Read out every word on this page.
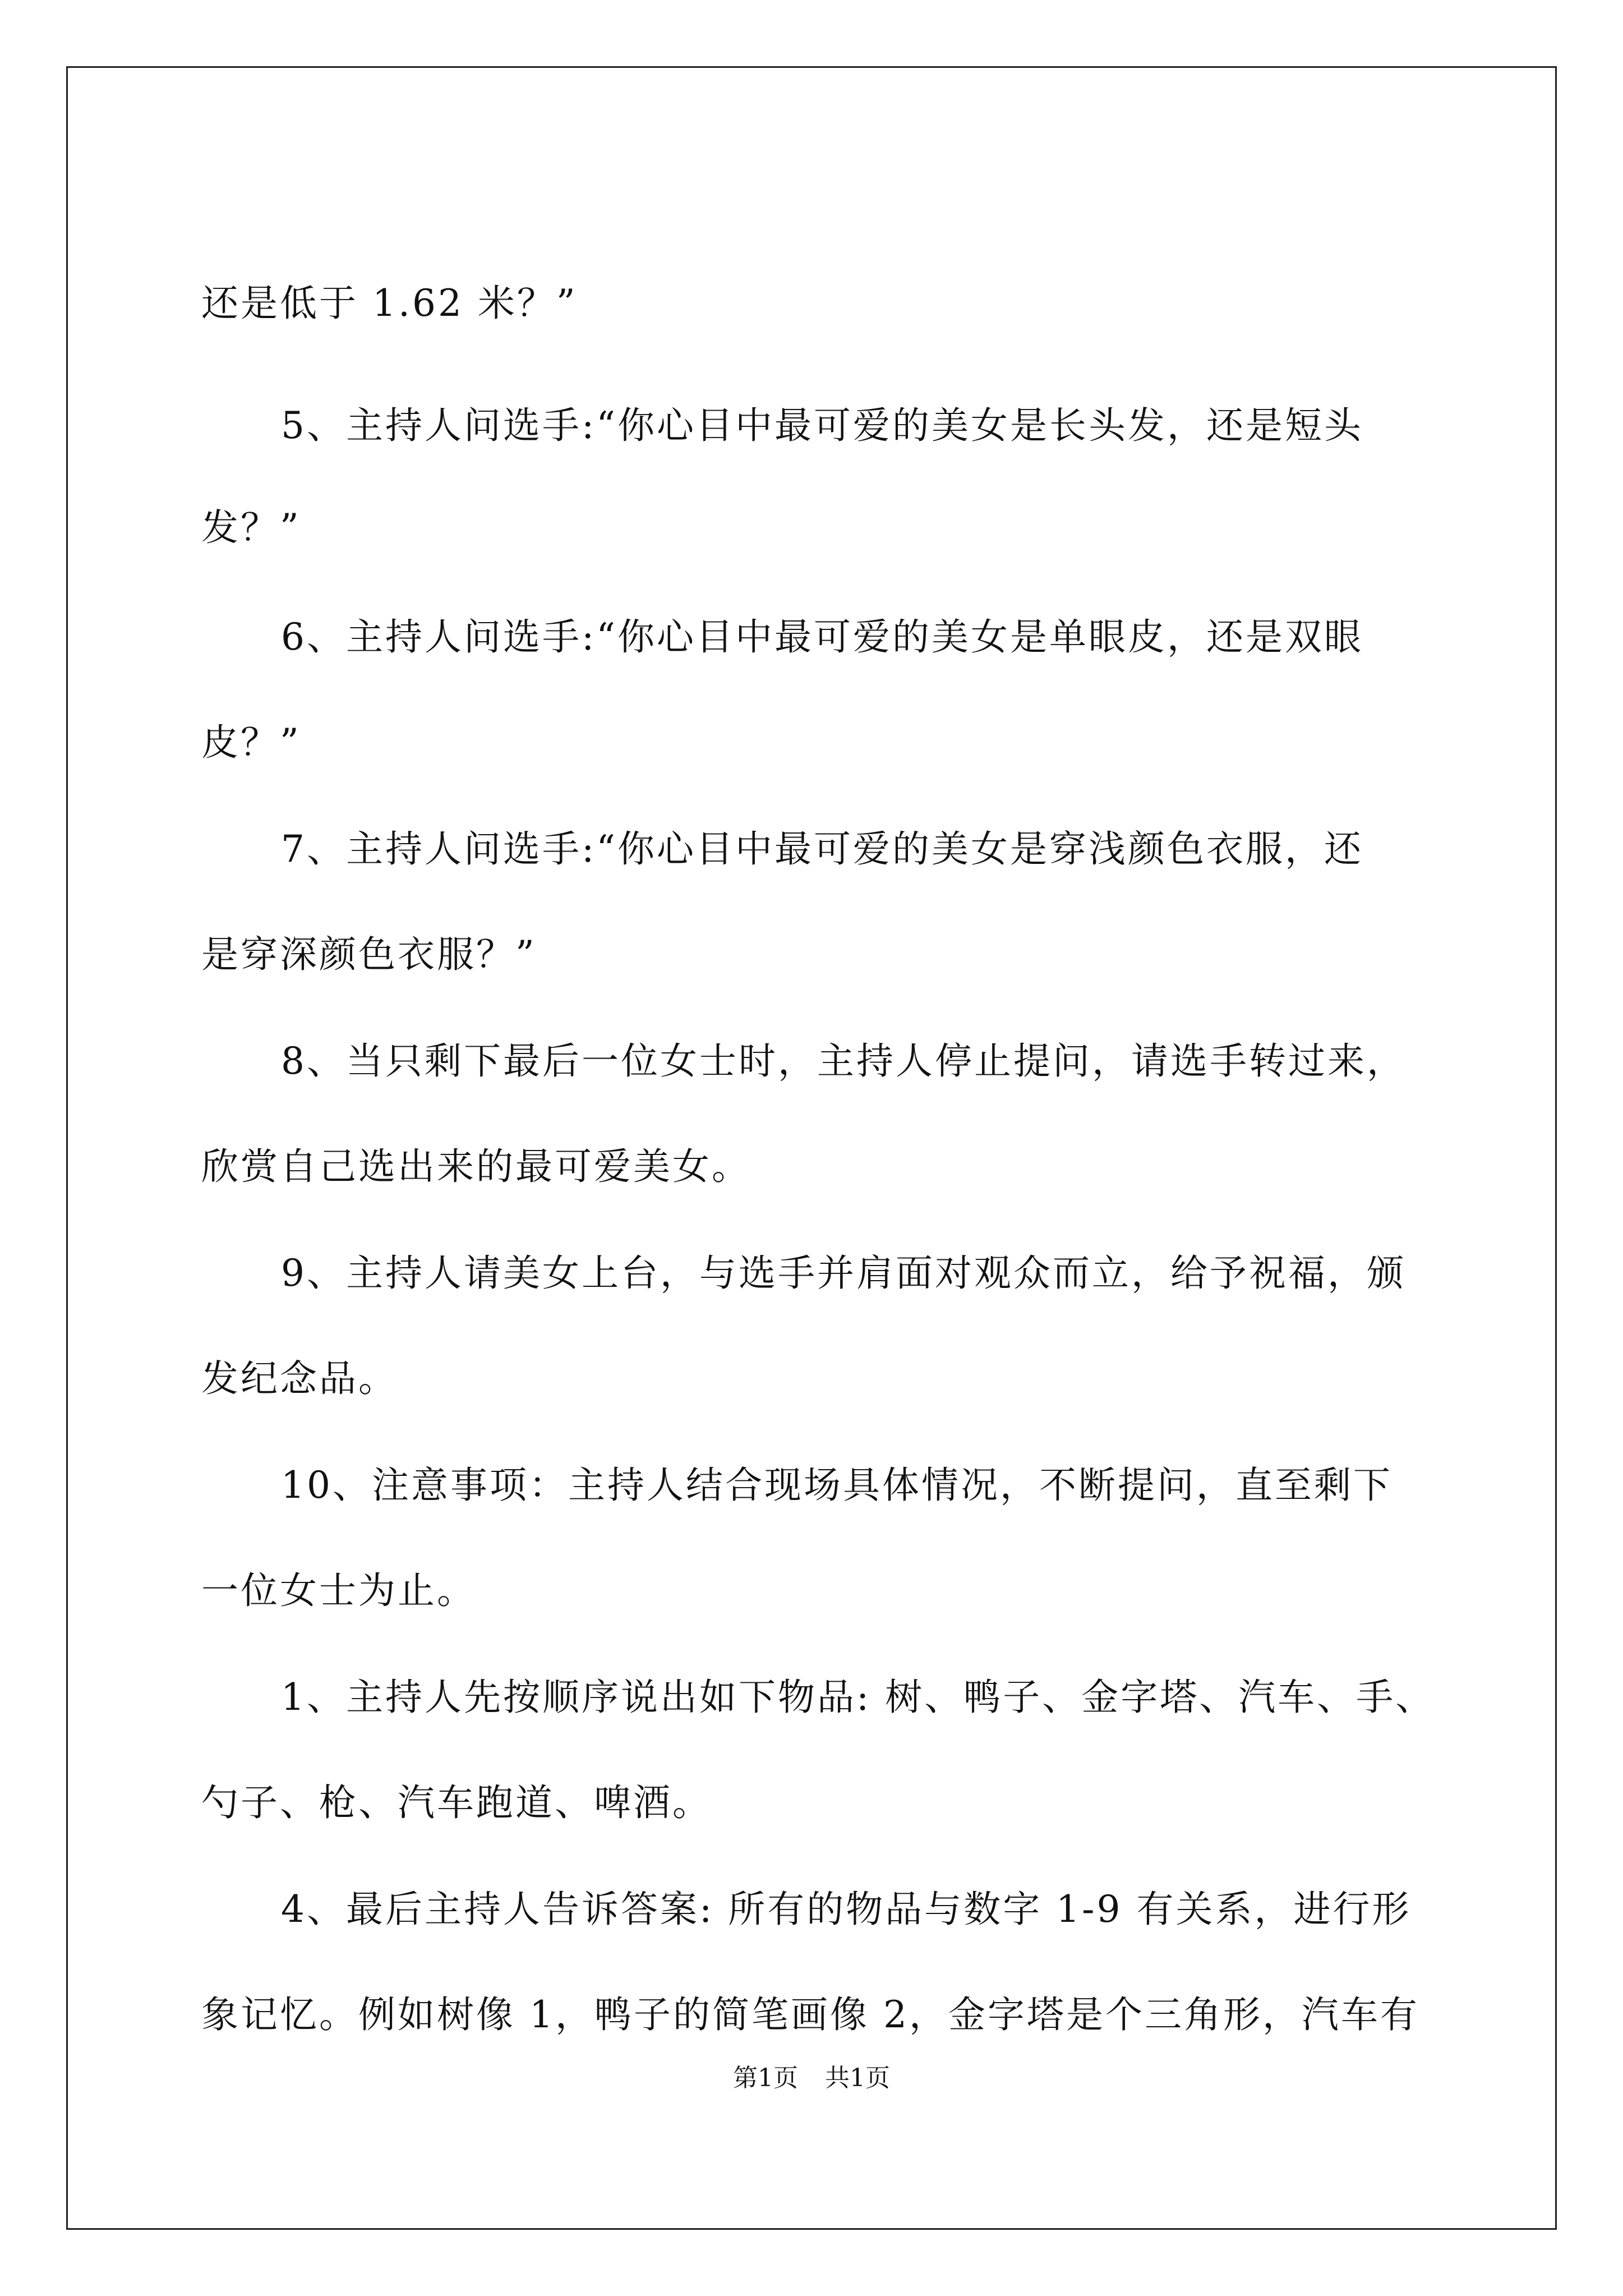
还是低于 1.62 米？”
5、主持人问选手:“你心目中最可爱的美女是长头发，还是短头
发？”
6、主持人问选手:“你心目中最可爱的美女是单眼皮，还是双眼
皮？”
7、主持人问选手:“你心目中最可爱的美女是穿浅颜色衣服，还
是穿深颜色衣服？”
8、当只剩下最后一位女士时，主持人停止提问，请选手转过来，
欣赏自己选出来的最可爱美女。
9、主持人请美女上台，与选手并肩面对观众而立，给予祝福，颁
发纪念品。
10、注意事项：主持人结合现场具体情况，不断提问，直至剩下
一位女士为止。
1、主持人先按顺序说出如下物品: 树、鸭子、金字塔、汽车、手、
勺子、枪、汽车跑道、啤酒。
4、最后主持人告诉答案: 所有的物品与数字 1-9 有关系，进行形
象记忆。例如树像 1，鸭子的简笔画像 2，金字塔是个三角形，汽车有
第1页 共1页
